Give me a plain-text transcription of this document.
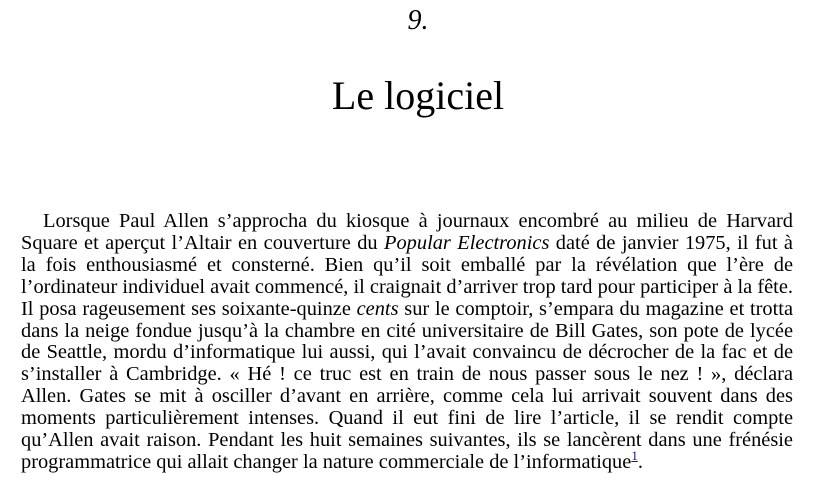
9.
Le logiciel

Lorsque Paul Allen s’approcha du kiosque à journaux encombré au milieu de Harvard Square et aperçut l’Altair en couverture du Popular Electronics daté de janvier 1975, il fut à la fois enthousiasmé et consterné. Bien qu’il soit emballé par la révélation que l’ère de l’ordinateur individuel avait commencé, il craignait d’arriver trop tard pour participer à la fête. Il posa rageusement ses soixante-quinze cents sur le comptoir, s’empara du magazine et trotta dans la neige fondue jusqu’à la chambre en cité universitaire de Bill Gates, son pote de lycée de Seattle, mordu d’informatique lui aussi, qui l’avait convaincu de décrocher de la fac et de s’installer à Cambridge. « Hé ! ce truc est en train de nous passer sous le nez ! », déclara Allen. Gates se mit à osciller d’avant en arrière, comme cela lui arrivait souvent dans des moments particulièrement intenses. Quand il eut fini de lire l’article, il se rendit compte qu’Allen avait raison. Pendant les huit semaines suivantes, ils se lancèrent dans une frénésie programmatrice qui allait changer la nature commerciale de l’informatique$^1$.
